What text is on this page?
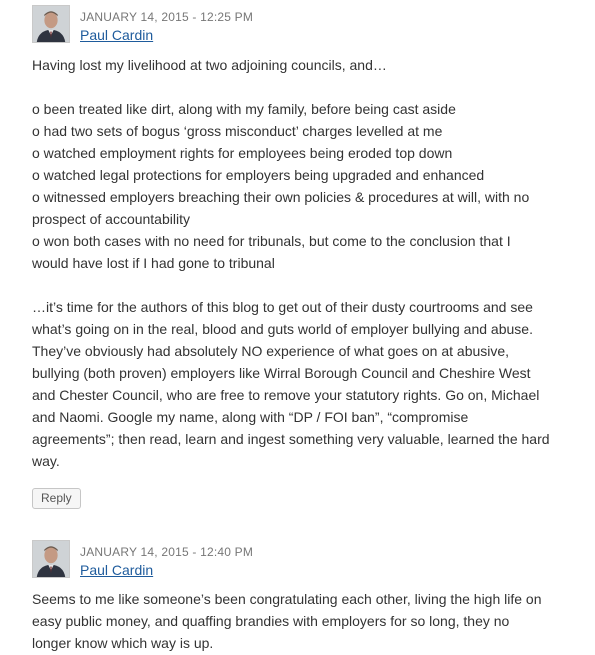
JANUARY 14, 2015 - 12:25 PM
Paul Cardin

Having lost my livelihood at two adjoining councils, and…

o been treated like dirt, along with my family, before being cast aside

o had two sets of bogus ‘gross misconduct’ charges levelled at me

o watched employment rights for employees being eroded top down

o watched legal protections for employers being upgraded and enhanced

o witnessed employers breaching their own policies & procedures at will, with no

prospect of accountability

o won both cases with no need for tribunals, but come to the conclusion that I

would have lost if I had gone to tribunal

…it’s time for the authors of this blog to get out of their dusty courtrooms and see

what’s going on in the real, blood and guts world of employer bullying and abuse.

They’ve obviously had absolutely NO experience of what goes on at abusive,

bullying (both proven) employers like Wirral Borough Council and Cheshire West

and Chester Council, who are free to remove your statutory rights. Go on, Michael

and Naomi. Google my name, along with “DP / FOI ban”, “compromise

agreements”; then read, learn and ingest something very valuable, learned the hard

way.

Reply
JANUARY 14, 2015 - 12:40 PM
Paul Cardin

Seems to me like someone’s been congratulating each other, living the high life on

easy public money, and quaffing brandies with employers for so long, they no

longer know which way is up.
